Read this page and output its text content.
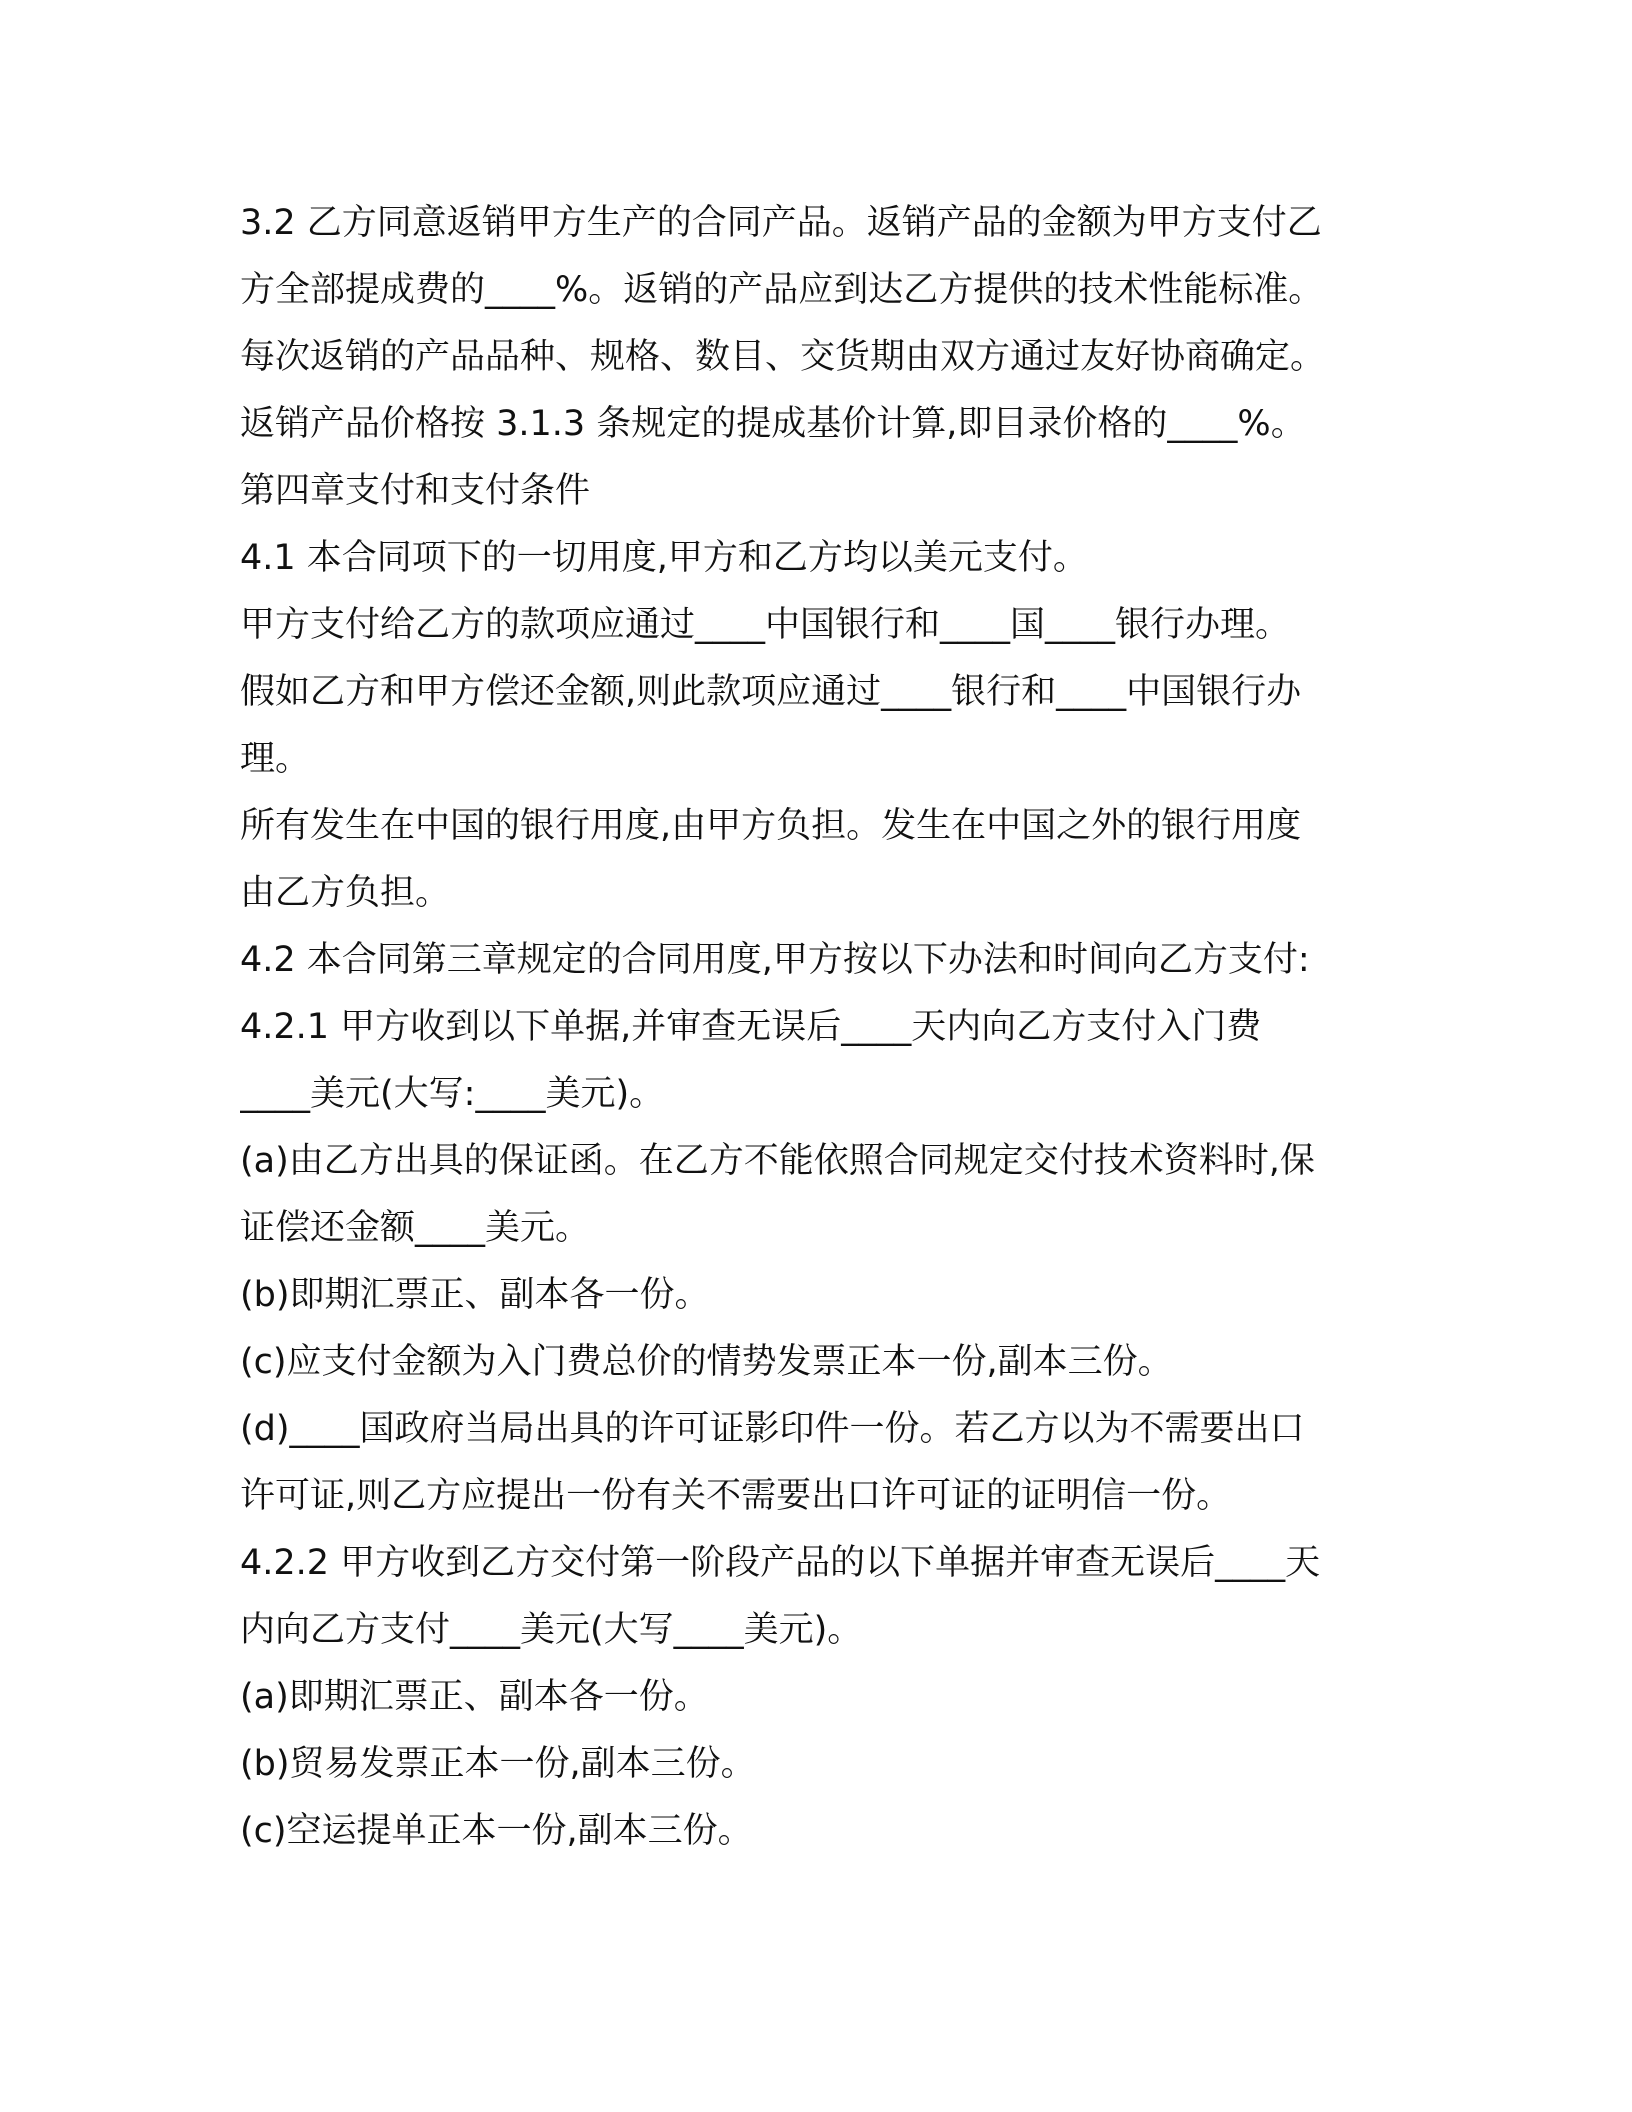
3.2 乙方同意返销甲方生产的合同产品。返销产品的金额为甲方支付乙
方全部提成费的____%。返销的产品应到达乙方提供的技术性能标准。
每次返销的产品品种、规格、数目、交货期由双方通过友好协商确定。
返销产品价格按 3.1.3 条规定的提成基价计算,即目录价格的____%。
第四章支付和支付条件
4.1 本合同项下的一切用度,甲方和乙方均以美元支付。
甲方支付给乙方的款项应通过____中国银行和____国____银行办理。
假如乙方和甲方偿还金额,则此款项应通过____银行和____中国银行办
理。
所有发生在中国的银行用度,由甲方负担。发生在中国之外的银行用度
由乙方负担。
4.2 本合同第三章规定的合同用度,甲方按以下办法和时间向乙方支付:
4.2.1 甲方收到以下单据,并审查无误后____天内向乙方支付入门费
____美元(大写:____美元)。
(a)由乙方出具的保证函。在乙方不能依照合同规定交付技术资料时,保
证偿还金额____美元。
(b)即期汇票正、副本各一份。
(c)应支付金额为入门费总价的情势发票正本一份,副本三份。
(d)____国政府当局出具的许可证影印件一份。若乙方以为不需要出口
许可证,则乙方应提出一份有关不需要出口许可证的证明信一份。
4.2.2 甲方收到乙方交付第一阶段产品的以下单据并审查无误后____天
内向乙方支付____美元(大写____美元)。
(a)即期汇票正、副本各一份。
(b)贸易发票正本一份,副本三份。
(c)空运提单正本一份,副本三份。
